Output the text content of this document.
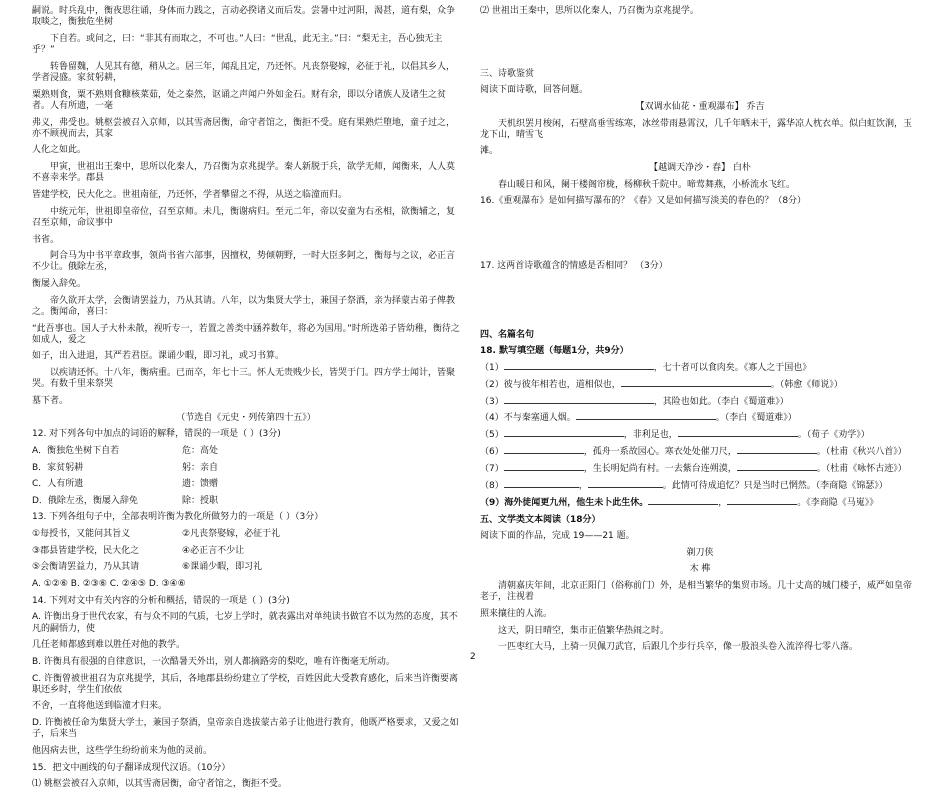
嗣说。时兵乱中，衡夜思往诵，身体而力践之，言动必揆诸义而后发。尝暑中过河阳，渴甚，道有梨，众争取啖之，衡独危坐树

下自若。或问之，曰：“非其有而取之，不可也。”人曰：“世乱，此无主。”曰：“梨无主，吾心独无主乎？”

转鲁留魏，人见其有德，稍从之。居三年，闻乱且定，乃还怀。凡丧祭娶嫁，必征于礼，以倡其乡人，学者浸盛。家贫躬耕，

粟熟则食，粟不熟则食糠核菜茹，处之泰然，讴诵之声闻户外如金石。财有余，即以分诸族人及诸生之贫者。人有所遗，一毫

弗义，弗受也。姚枢尝被召入京师，以其雪斋居衡，命守者馆之，衡拒不受。庭有果熟烂堕地，童子过之，亦不顾视而去，其家

人化之如此。

甲寅，世祖出王秦中，思所以化秦人，乃召衡为京兆提学。秦人新脱于兵，欲学无师，闻衡来，人人莫不喜幸来学。郡县

皆建学校，民大化之。世祖南征，乃还怀，学者攀留之不得，从送之临潼而归。

中统元年，世祖即皇帝位，召至京师。未几，衡谢病归。至元二年，帝以安童为右丞相，欲衡辅之，复召至京师，命议事中

书省。

阿合马为中书平章政事，领尚书省六部事，因擅权，势倾朝野，一时大臣多阿之，衡每与之议，必正言不少让。俄除左丞，

衡屡入辞免。

帝久欲开太学，会衡请罢益力，乃从其请。八年，以为集贤大学士，兼国子祭酒，亲为择蒙古弟子俾教之。衡闻命，喜曰：

“此吾事也。国人子大朴未散，视听专一，若置之善类中涵养数年，将必为国用。”时所选弟子皆幼稚，衡待之如成人，爱之

如子，出入进退，其严若君臣。课诵少暇，即习礼，或习书算。

以疾请还怀。十八年，衡病重。已而卒，年七十三。怀人无贵贱少长，皆哭于门。四方学士闻计，皆聚哭。有数千里来祭哭

墓下者。

（节选自《元史・列传第四十五》）

12. 对下列各句中加点的词语的解释，错误的一项是（ ）(3分)

A．衡独危坐树下自若	危：高处
B．家贫躬耕	躬：亲自
C．人有所遗	遗：馈赠
D．俄除左丞，衡屡入辞免	除：授职

13. 下列各组句子中，全部表明许衡为教化所做努力的一项是（ ）（3分）

①每授书，又能问其旨义	②凡丧祭娶嫁，必征于礼
③郡县皆建学校，民大化之	④必正言不少让
⑤会衡请罢益力，乃从其请	⑥课诵少暇，即习礼

A. ①②⑥ B. ②③⑥ C. ②④⑤ D. ③④⑥

14. 下列对文中有关内容的分析和概括，错误的一项是（ ）(3分)

A. 许衡出身于世代农家，有与众不同的气质，七岁上学时，就表露出对单纯读书做官不以为然的态度，其不凡的嗣悟力，使

几任老师都感到难以胜任对他的教学。

B. 许衡具有很强的自律意识，一次酷暑天外出，别人都摘路旁的梨吃，唯有许衡毫无所动。

C. 许衡曾被世祖召为京兆提学，其后，各地郡县纷纷建立了学校，百姓因此大受教育感化，后来当许衡要离职还乡时，学生们依依

不舍，一直将他送到临潼才归来。

D. 许衡被任命为集贤大学士，兼国子祭酒，皇帝亲自选拔蒙古弟子让他进行教育，他既严格要求，又爱之如子，后来当

他因病去世，这些学生纷纷前来为他的灵前。

15．把文中画线的句子翻译成现代汉语。（10分）

⑴ 姚枢尝被召入京师，以其雪斋居衡，命守者馆之，衡拒不受。

⑵ 世祖出王秦中，思所以化秦人，乃召衡为京兆提学。

三、诗歌鉴赏

阅读下面诗歌，回答问题。

【双调水仙花・重观瀑布】 乔吉

天机织罢月梭闲，石壁高垂雪练寒，冰丝带雨悬霄汉，几千年晒未干，露华凉人枕衣单。似白虹饮涧，玉龙下山，晴雪飞

滩。

【越调天净沙・春】 白朴

春山暖日和风，阑干楼阁帘栊，杨柳秋千院中。啼莺舞燕，小桥流水飞红。

16.《重观瀑布》是如何描写瀑布的？《春》又是如何描写淡美的春色的？（8分）

17. 这两首诗歌蕴含的情感是否相同？ （3分）

四、名篇名句

18. 默写填空题（每题1分，共9分）

（1）	，七十者可以食肉矣。《寡人之于国也》
（2）彼与彼年相若也，道相似也，	。（韩愈《师说》）
（3）	，其险也如此。（李白《蜀道难》）
（4）不与秦塞通人烟。	。（李白《蜀道难》）
（5）	，非利足也，	。（荀子《劝学》）
（6）	，孤舟一系故园心。寒衣处处催刀尺，	。（杜甫《秋兴八首》）
（7）	，生长明妃尚有村。一去紫台连朔漠，	。（杜甫《咏怀古迹》）
（8）	，	。此情可待成追忆？只是当时已惘然。（李商隐《锦瑟》）
（9）海外徒闻更九州，他生未卜此生休。	，	。《李商隐《马嵬》》

五、文学类文本阅读（18分）

阅读下面的作品，完成 19——21 题。

剃刀侠

木 榫

清朝嘉庆年间，北京正阳门（俗称前门）外，是相当繁华的集贸市场。几十丈高的城门楼子，威严如皇帝老子，注视着

照来攘往的人流。

这天，阴日晴空，集市正值繁华热闹之时。

一匹枣红大马，上骑一贝佩刀武官，后跟几个步行兵卒，像一股浪头卷入流淬得七零八落。

2
